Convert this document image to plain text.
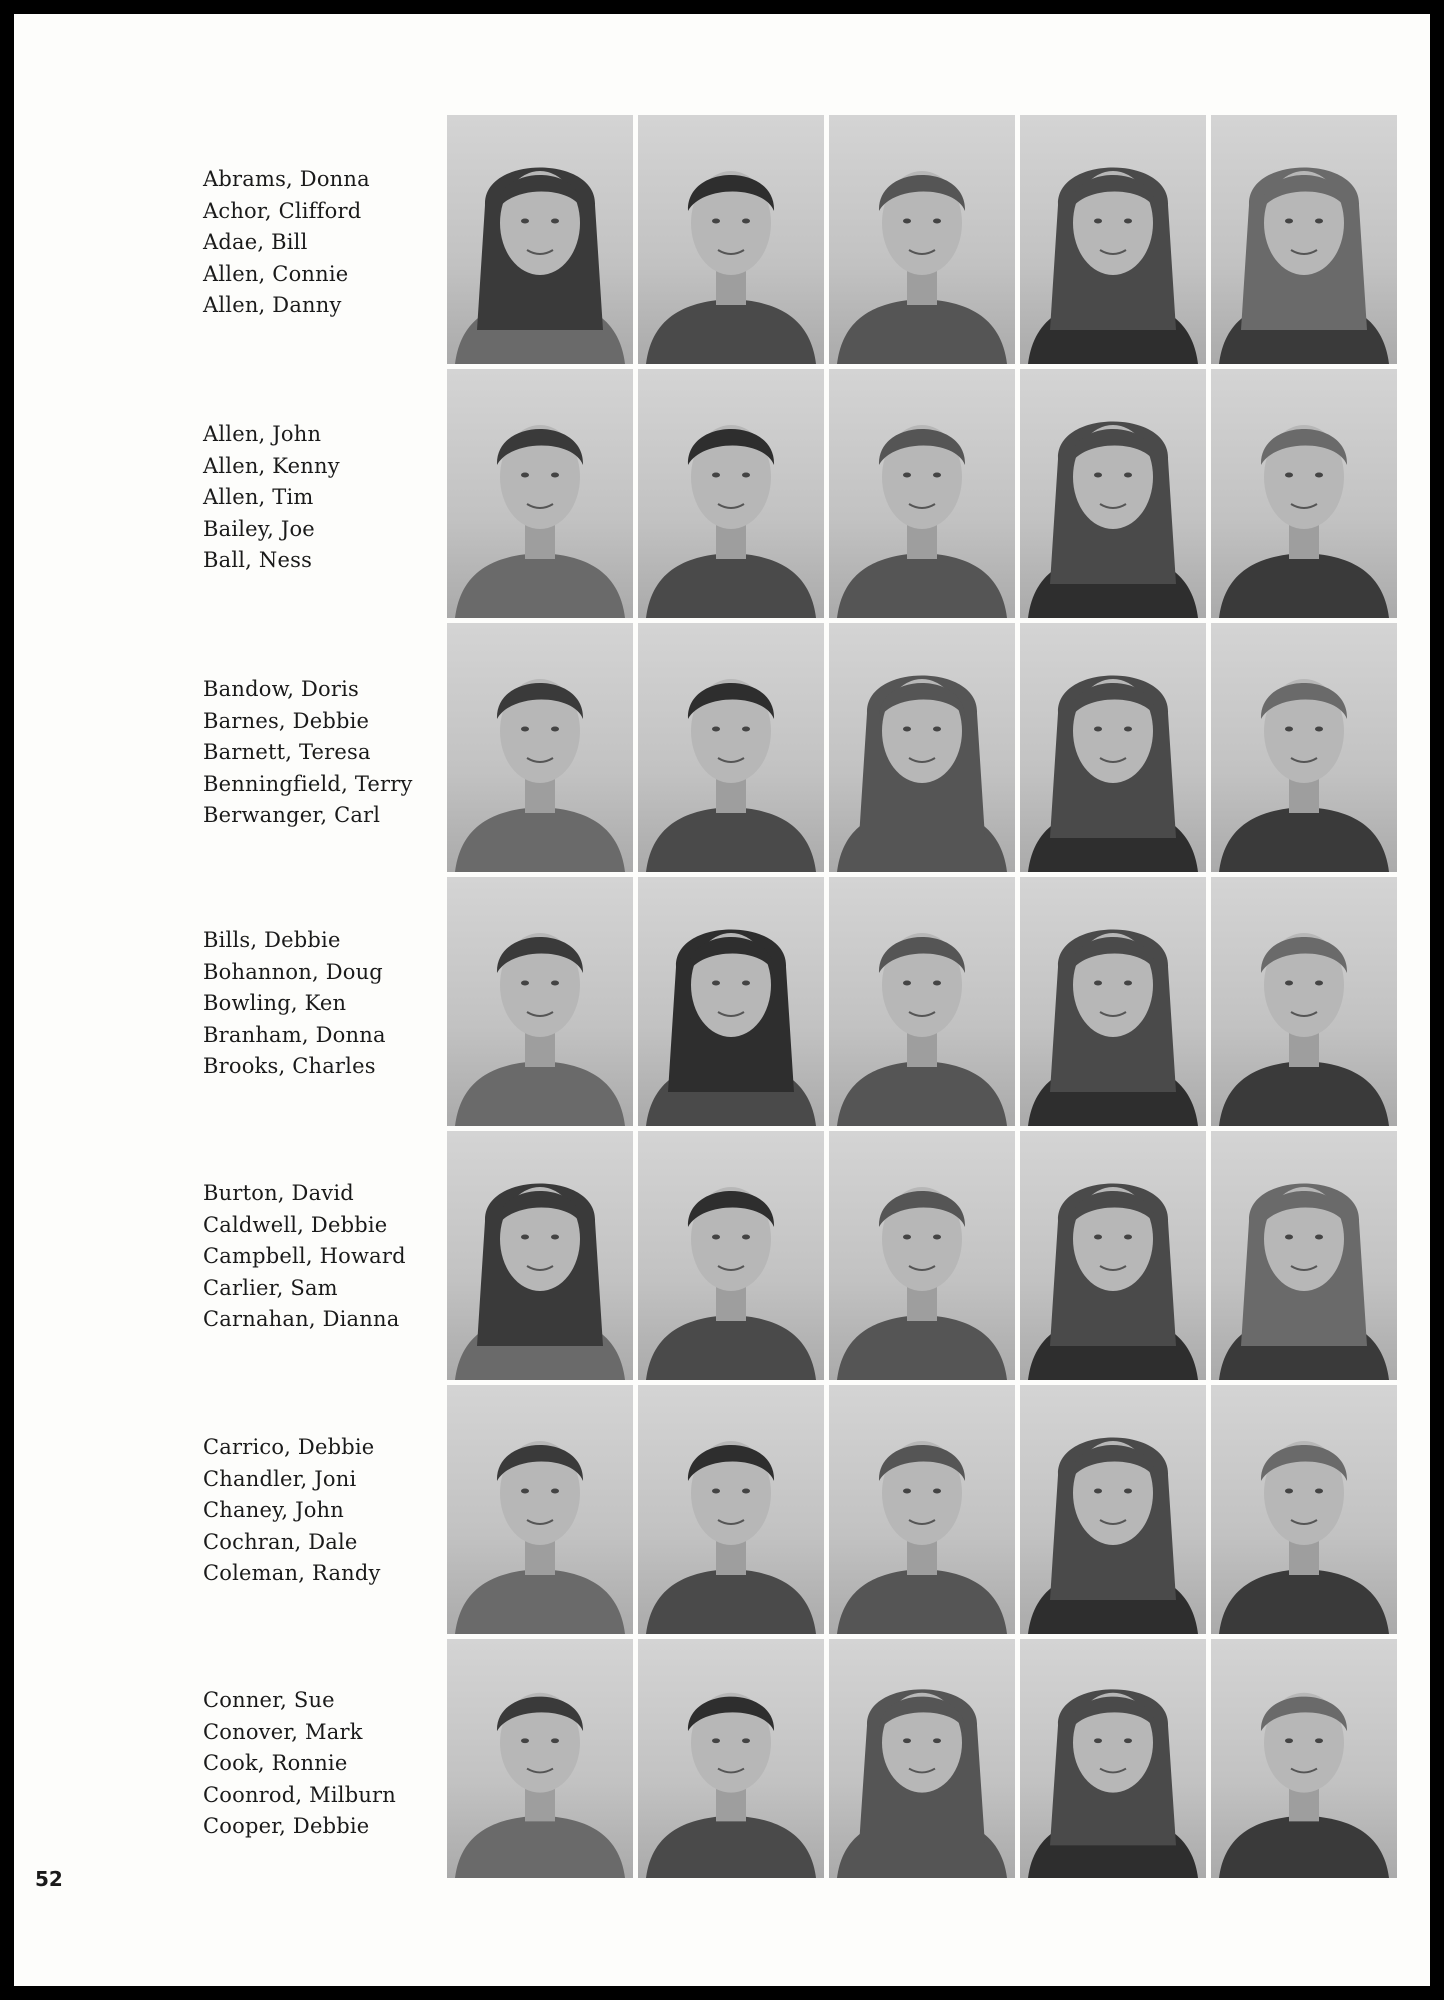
Abrams, Donna
Achor, Clifford
Adae, Bill
Allen, Connie
Allen, Danny
Allen, John
Allen, Kenny
Allen, Tim
Bailey, Joe
Ball, Ness
Bandow, Doris
Barnes, Debbie
Barnett, Teresa
Benningfield, Terry
Berwanger, Carl
Bills, Debbie
Bohannon, Doug
Bowling, Ken
Branham, Donna
Brooks, Charles
Burton, David
Caldwell, Debbie
Campbell, Howard
Carlier, Sam
Carnahan, Dianna
Carrico, Debbie
Chandler, Joni
Chaney, John
Cochran, Dale
Coleman, Randy
Conner, Sue
Conover, Mark
Cook, Ronnie
Coonrod, Milburn
Cooper, Debbie
52
